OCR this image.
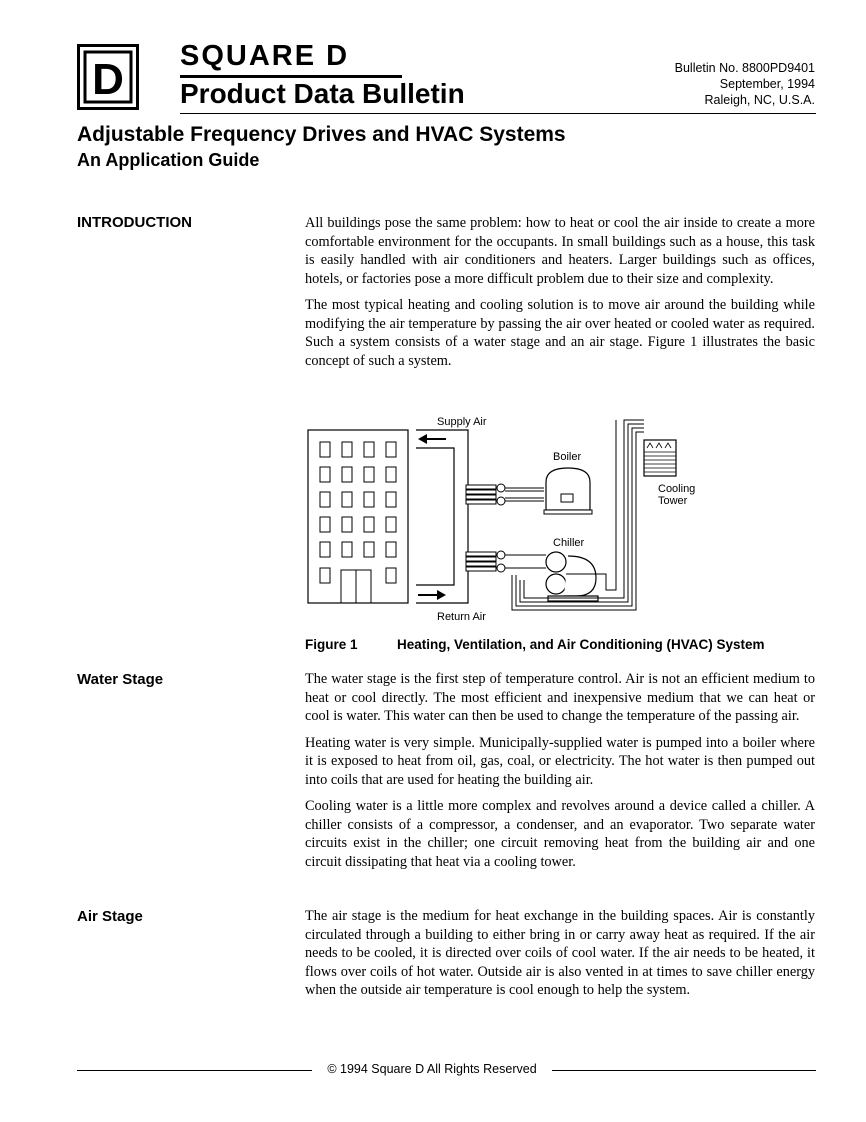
D SQUARE D
Product Data Bulletin
Bulletin No. 8800PD9401
September, 1994
Raleigh, NC, U.S.A.
Adjustable Frequency Drives and HVAC Systems
An Application Guide
INTRODUCTION	All buildings pose the same problem: how to heat or cool the air inside to create a more comfortable environment for the occupants. In small buildings such as a house, this task is easily handled with air conditioners and heaters. Larger buildings such as offices, hotels, or factories pose a more difficult problem due to their size and complexity.

The most typical heating and cooling solution is to move air around the building while modifying the air temperature by passing the air over heated or cooled water as required. Such a system consists of a water stage and an air stage. Figure 1 illustrates the basic concept of such a system.

Supply Air
Return Air
Boiler
Chiller
Cooling
Tower
Figure 1	Heating, Ventilation, and Air Conditioning (HVAC) System
Water Stage	The water stage is the first step of temperature control. Air is not an efficient medium to heat or cool directly. The most efficient and inexpensive medium that we can heat or cool is water. This water can then be used to change the temperature of the passing air.

Heating water is very simple. Municipally-supplied water is pumped into a boiler where it is exposed to heat from oil, gas, coal, or electricity. The hot water is then pumped out into coils that are used for heating the building air.

Cooling water is a little more complex and revolves around a device called a chiller. A chiller consists of a compressor, a condenser, and an evaporator. Two separate water circuits exist in the chiller; one circuit removing heat from the building air and one circuit dissipating that heat via a cooling tower.

Air Stage	The air stage is the medium for heat exchange in the building spaces. Air is constantly circulated through a building to either bring in or carry away heat as required. If the air needs to be cooled, it is directed over coils of cool water. If the air needs to be heated, it flows over coils of hot water. Outside air is also vented in at times to save chiller energy when the outside air temperature is cool enough to help the system.

© 1994 Square D All Rights Reserved
